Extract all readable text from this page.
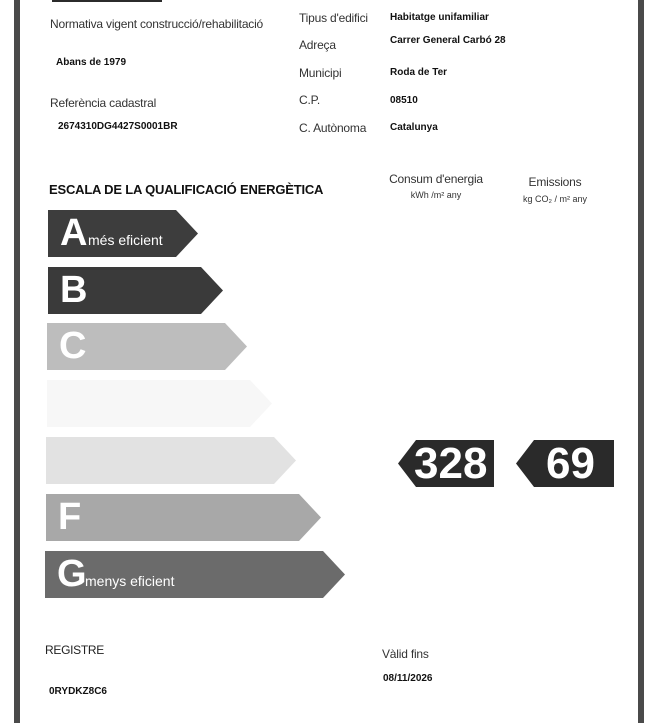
Normativa vigent construcció/rehabilitació
Abans de 1979
Referència cadastral
2674310DG4427S0001BR
Tipus d'edifici Habitatge unifamiliar
Adreça	Carrer General Carbó 28
Municipi	Roda de Ter
C.P.	08510
C. Autònoma Catalunya
ESCALA DE LA QUALIFICACIÓ ENERGÈTICA
Consum d'energia
kWh /m² any
Emissions
kg CO₂ / m² any
A més eficient
B
C
D
E
F
G
menys eficient
328 69
REGISTRE
0RYDKZ8C6
Vàlid fins
08/11/2026
